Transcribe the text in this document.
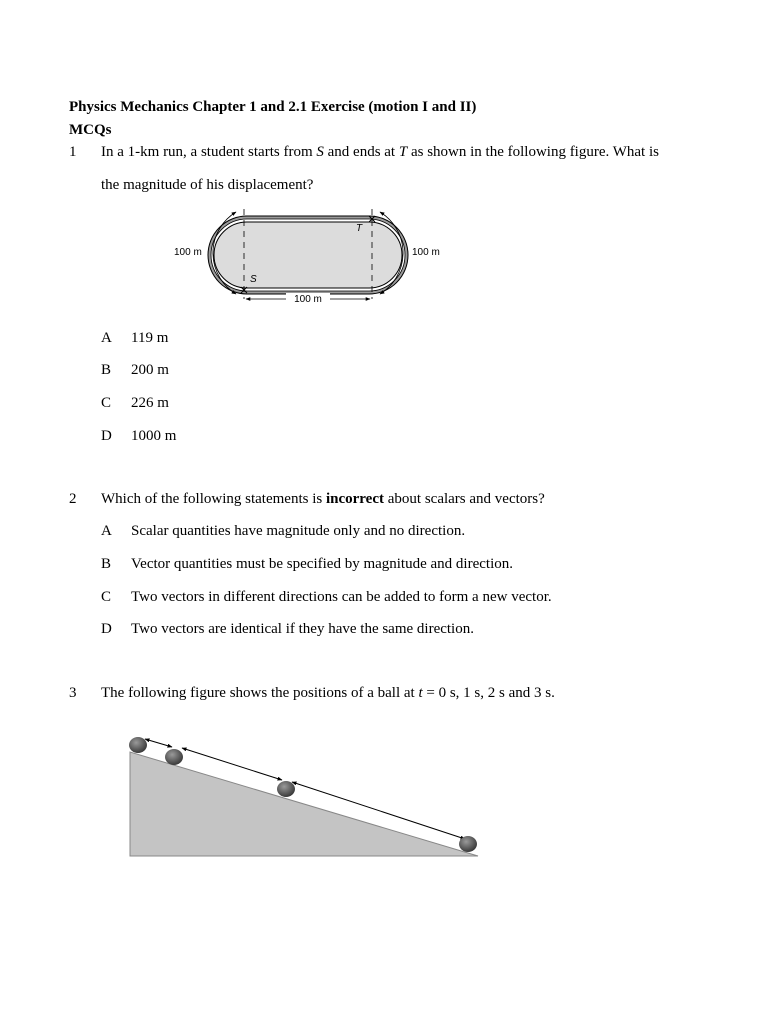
Physics Mechanics Chapter 1 and 2.1 Exercise (motion I and II)
MCQs
1 In a 1-km run, a student starts from S and ends at T as shown in the following figure. What is
the magnitude of his displacement?
100 m
100 m	100 m
S
T
A 119 m
B 200 m
C 226 m
D 1000 m
2 Which of the following statements is incorrect about scalars and vectors?
A Scalar quantities have magnitude only and no direction.
B Vector quantities must be specified by magnitude and direction.
C Two vectors in different directions can be added to form a new vector.
D Two vectors are identical if they have the same direction.
3 The following figure shows the positions of a ball at t = 0 s, 1 s, 2 s and 3 s.
